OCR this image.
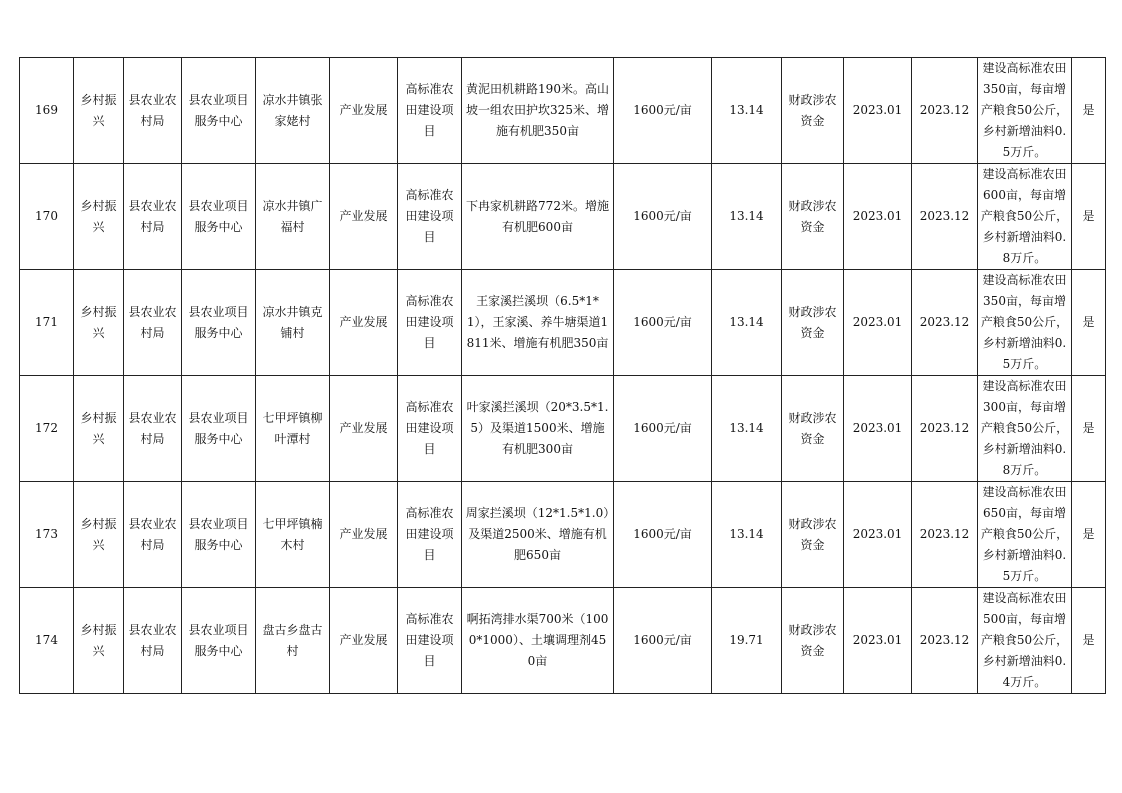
169	乡村振兴	县农业农村局	县农业项目服务中心	凉水井镇张家姥村	产业发展	高标准农田建设项目	黄泥田机耕路190米。高山坡一组农田护坎325米、增施有机肥350亩	1600元/亩	13.14	财政涉农资金	2023.01	2023.12	建设高标准农田350亩，每亩增产粮食50公斤，乡村新增油料0.5万斤。	是
170	乡村振兴	县农业农村局	县农业项目服务中心	凉水井镇广福村	产业发展	高标准农田建设项目	下冉家机耕路772米。增施有机肥600亩	1600元/亩	13.14	财政涉农资金	2023.01	2023.12	建设高标准农田600亩，每亩增产粮食50公斤，乡村新增油料0.8万斤。	是
171	乡村振兴	县农业农村局	县农业项目服务中心	凉水井镇克铺村	产业发展	高标准农田建设项目	王家溪拦溪坝（6.5*1*1），王家溪、养牛塘渠道1811米、增施有机肥350亩	1600元/亩	13.14	财政涉农资金	2023.01	2023.12	建设高标准农田350亩，每亩增产粮食50公斤，乡村新增油料0.5万斤。	是
172	乡村振兴	县农业农村局	县农业项目服务中心	七甲坪镇柳叶潭村	产业发展	高标准农田建设项目	叶家溪拦溪坝（20*3.5*1.5）及渠道1500米、增施有机肥300亩	1600元/亩	13.14	财政涉农资金	2023.01	2023.12	建设高标准农田300亩，每亩增产粮食50公斤，乡村新增油料0.8万斤。	是
173	乡村振兴	县农业农村局	县农业项目服务中心	七甲坪镇楠木村	产业发展	高标准农田建设项目	周家拦溪坝（12*1.5*1.0）及渠道2500米、增施有机肥650亩	1600元/亩	13.14	财政涉农资金	2023.01	2023.12	建设高标准农田650亩，每亩增产粮食50公斤，乡村新增油料0.5万斤。	是
174	乡村振兴	县农业农村局	县农业项目服务中心	盘古乡盘古村	产业发展	高标准农田建设项目	啊拓湾排水渠700米（1000*1000）、土壤调理剂450亩	1600元/亩	19.71	财政涉农资金	2023.01	2023.12	建设高标准农田500亩，每亩增产粮食50公斤，乡村新增油料0.4万斤。	是
